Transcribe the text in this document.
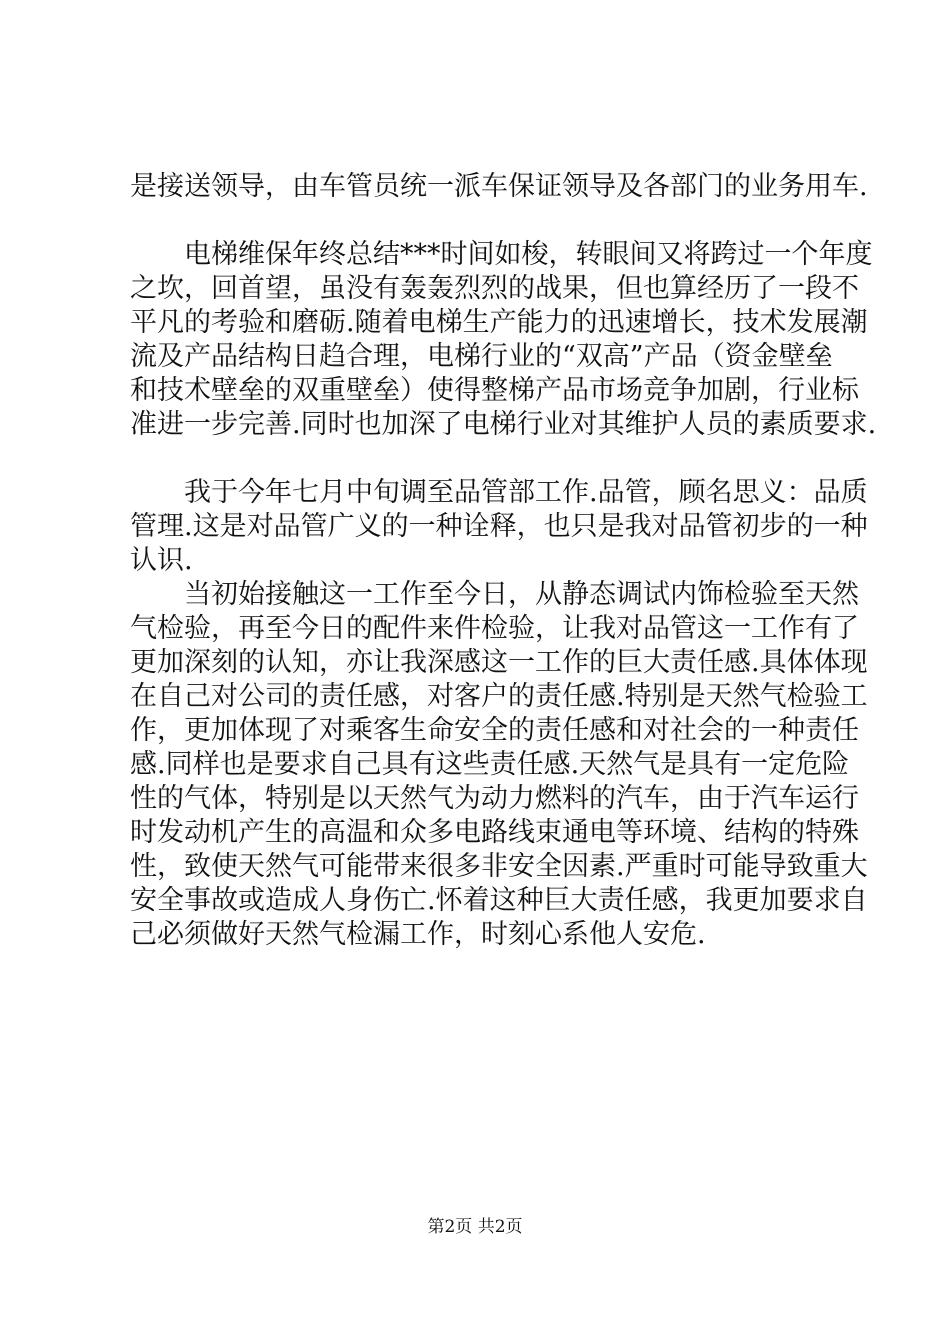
是接送领导，由车管员统一派车保证领导及各部门的业务用车.
电梯维保年终总结***时间如梭，转眼间又将跨过一个年度
之坎，回首望，虽没有轰轰烈烈的战果，但也算经历了一段不
平凡的考验和磨砺.随着电梯生产能力的迅速增长，技术发展潮
流及产品结构日趋合理，电梯行业的“双高”产品（资金壁垒
和技术壁垒的双重壁垒）使得整梯产品市场竞争加剧，行业标
准进一步完善.同时也加深了电梯行业对其维护人员的素质要求.
我于今年七月中旬调至品管部工作.品管，顾名思义：品质
管理.这是对品管广义的一种诠释，也只是我对品管初步的一种
认识.
当初始接触这一工作至今日，从静态调试内饰检验至天然
气检验，再至今日的配件来件检验，让我对品管这一工作有了
更加深刻的认知，亦让我深感这一工作的巨大责任感.具体体现
在自己对公司的责任感，对客户的责任感.特别是天然气检验工
作，更加体现了对乘客生命安全的责任感和对社会的一种责任
感.同样也是要求自己具有这些责任感.天然气是具有一定危险
性的气体，特别是以天然气为动力燃料的汽车，由于汽车运行
时发动机产生的高温和众多电路线束通电等环境、结构的特殊
性，致使天然气可能带来很多非安全因素.严重时可能导致重大
安全事故或造成人身伤亡.怀着这种巨大责任感，我更加要求自
己必须做好天然气检漏工作，时刻心系他人安危.
第2页 共2页
